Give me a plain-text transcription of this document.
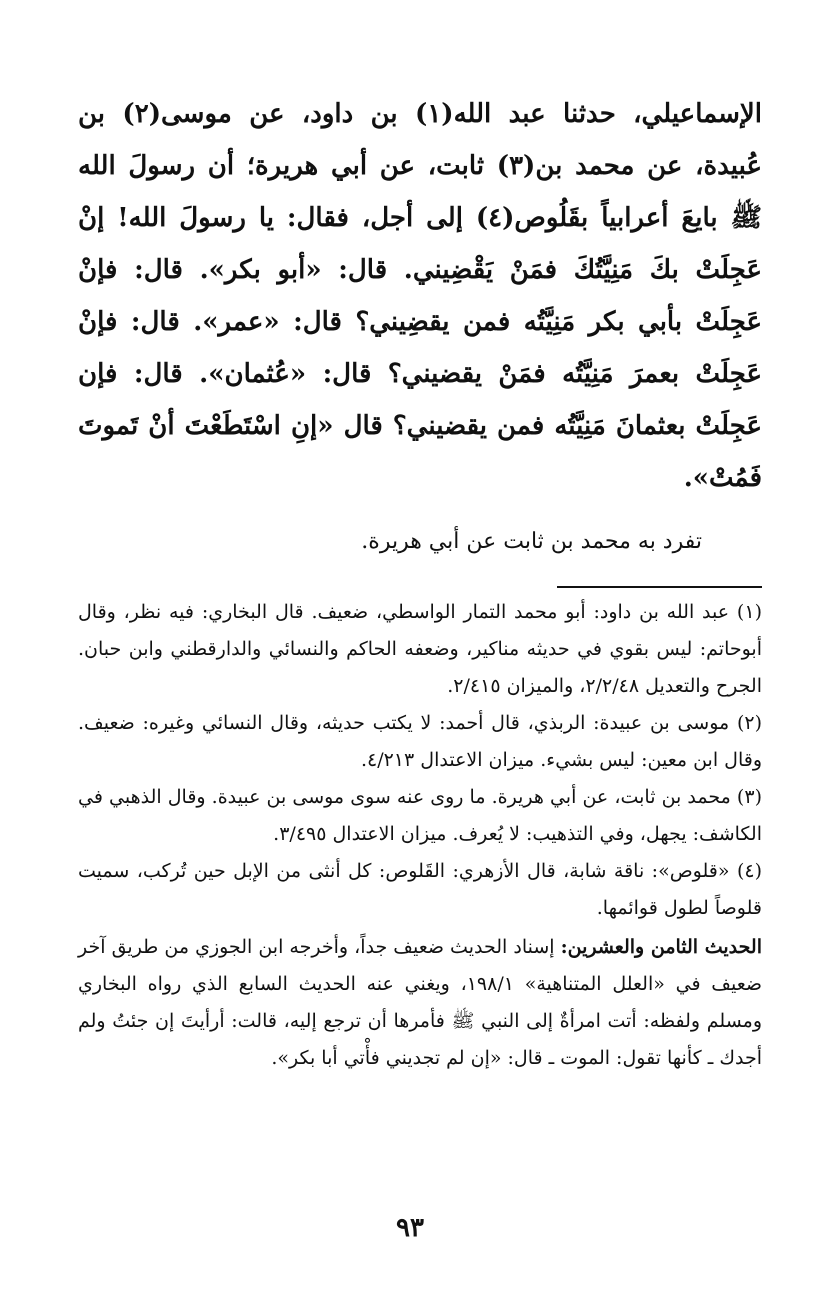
الإسماعيلي، حدثنا عبد الله(١) بن داود، عن موسى(٢) بن عُبيدة، عن محمد بن(٣) ثابت، عن أبي هريرة؛ أن رسولَ الله ﷺ بايعَ أعرابياً بقَلُوص(٤) إلى أجل، فقال: يا رسولَ الله! إنْ عَجِلَتْ بكَ مَنِيَّتُكَ فمَنْ يَقْضِيني. قال: «أبو بكر». قال: فإنْ عَجِلَتْ بأبي بكر مَنِيَّتُه فمن يقضِيني؟ قال: «عمر». قال: فإنْ عَجِلَتْ بعمرَ مَنِيَّتُه فمَنْ يقضيني؟ قال: «عُثمان». قال: فإن عَجِلَتْ بعثمانَ مَنِيَّتُه فمن يقضيني؟ قال «إنِ اسْتَطَعْتَ أنْ تَموتَ فَمُتْ».

تفرد به محمد بن ثابت عن أبي هريرة.

(١) عبد الله بن داود: أبو محمد التمار الواسطي، ضعيف. قال البخاري: فيه نظر، وقال أبوحاتم: ليس بقوي في حديثه مناكير، وضعفه الحاكم والنسائي والدارقطني وابن حبان. الجرح والتعديل ٢/٢/٤٨، والميزان ٢/٤١٥.

(٢) موسى بن عبيدة: الربذي، قال أحمد: لا يكتب حديثه، وقال النسائي وغيره: ضعيف. وقال ابن معين: ليس بشيء. ميزان الاعتدال ٤/٢١٣.

(٣) محمد بن ثابت، عن أبي هريرة. ما روى عنه سوى موسى بن عبيدة. وقال الذهبي في الكاشف: يجهل، وفي التذهيب: لا يُعرف. ميزان الاعتدال ٣/٤٩٥.

(٤) «قلوص»: ناقة شابة، قال الأزهري: القَلوص: كل أنثى من الإبل حين تُركب، سميت قلوصاً لطول قوائمها.

الحديث الثامن والعشرين: إسناد الحديث ضعيف جداً، وأخرجه ابن الجوزي من طريق آخر ضعيف في «العلل المتناهية» ١٩٨/١، ويغني عنه الحديث السابع الذي رواه البخاري ومسلم ولفظه: أتت امرأةٌ إلى النبي ﷺ فأمرها أن ترجع إليه، قالت: أرأيتَ إن جئتُ ولم أجدك ـ كأنها تقول: الموت ـ قال: «إن لم تجديني فأْتي أبا بكر».

٩٣
